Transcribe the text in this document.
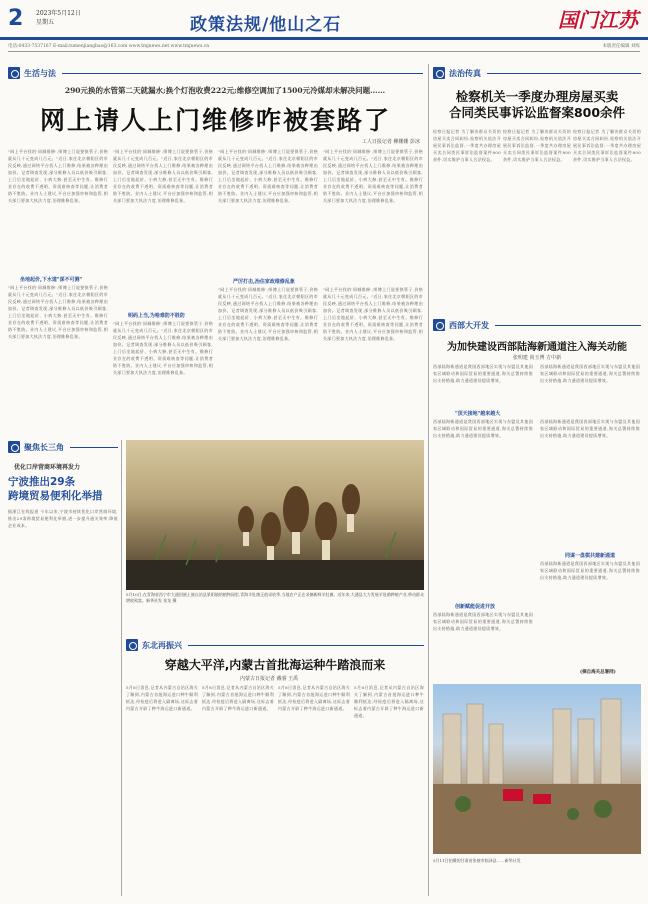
2 2023年5月12日
星期五	政策法规/他山之石	国门江苏
电话:0433-7537167 E-mail:tumenjiangbao@163.com www.tmjnews.net www.tmjnews.cn	本版责任编辑 刘烁
生活与法
290元换的水管第二天就漏水;换个灯泡收费222元;维修空调加了1500元冷媒却未解决问题……
网上请人上门维修咋被套路了
工人日报记者 柳姗姗 彭冰
"网上平台找的'同城维修',师傅上门说要换管子,价格就从几十元变成几百元。"近日,家住北京朝阳区的市民反映,通过网络平台找人上门维修,结果被各种理由加价。记者调查发现,部分维修人员以低价吸引顾客,上门后坐地起价、小病大修,甚至无中生有。维修行业存在的收费不透明、资质难核查等问题,让消费者防不胜防。业内人士建议,平台应加强审核和监管,相关部门要加大执法力度,治理维修乱象。
"网上平台找的'同城维修',师傅上门说要换管子,价格就从几十元变成几百元。"近日,家住北京朝阳区的市民反映,通过网络平台找人上门维修,结果被各种理由加价。记者调查发现,部分维修人员以低价吸引顾客,上门后坐地起价、小病大修,甚至无中生有。维修行业存在的收费不透明、资质难核查等问题,让消费者防不胜防。业内人士建议,平台应加强审核和监管,相关部门要加大执法力度,治理维修乱象。
"网上平台找的'同城维修',师傅上门说要换管子,价格就从几十元变成几百元。"近日,家住北京朝阳区的市民反映,通过网络平台找人上门维修,结果被各种理由加价。记者调查发现,部分维修人员以低价吸引顾客,上门后坐地起价、小病大修,甚至无中生有。维修行业存在的收费不透明、资质难核查等问题,让消费者防不胜防。业内人士建议,平台应加强审核和监管,相关部门要加大执法力度,治理维修乱象。
"网上平台找的'同城维修',师傅上门说要换管子,价格就从几十元变成几百元。"近日,家住北京朝阳区的市民反映,通过网络平台找人上门维修,结果被各种理由加价。记者调查发现,部分维修人员以低价吸引顾客,上门后坐地起价、小病大修,甚至无中生有。维修行业存在的收费不透明、资质难核查等问题,让消费者防不胜防。业内人士建议,平台应加强审核和监管,相关部门要加大执法力度,治理维修乱象。
坐地起价,下水道"深不可测"
明码上当,为啥难防不胜防
严厉打击,治住家政维修乱象
"网上平台找的'同城维修',师傅上门说要换管子,价格就从几十元变成几百元。"近日,家住北京朝阳区的市民反映,通过网络平台找人上门维修,结果被各种理由加价。记者调查发现,部分维修人员以低价吸引顾客,上门后坐地起价、小病大修,甚至无中生有。维修行业存在的收费不透明、资质难核查等问题,让消费者防不胜防。业内人士建议,平台应加强审核和监管,相关部门要加大执法力度,治理维修乱象。
"网上平台找的'同城维修',师傅上门说要换管子,价格就从几十元变成几百元。"近日,家住北京朝阳区的市民反映,通过网络平台找人上门维修,结果被各种理由加价。记者调查发现,部分维修人员以低价吸引顾客,上门后坐地起价、小病大修,甚至无中生有。维修行业存在的收费不透明、资质难核查等问题,让消费者防不胜防。业内人士建议,平台应加强审核和监管,相关部门要加大执法力度,治理维修乱象。
"网上平台找的'同城维修',师傅上门说要换管子,价格就从几十元变成几百元。"近日,家住北京朝阳区的市民反映,通过网络平台找人上门维修,结果被各种理由加价。记者调查发现,部分维修人员以低价吸引顾客,上门后坐地起价、小病大修,甚至无中生有。维修行业存在的收费不透明、资质难核查等问题,让消费者防不胜防。业内人士建议,平台应加强审核和监管,相关部门要加大执法力度,治理维修乱象。
"网上平台找的'同城维修',师傅上门说要换管子,价格就从几十元变成几百元。"近日,家住北京朝阳区的市民反映,通过网络平台找人上门维修,结果被各种理由加价。记者调查发现,部分维修人员以低价吸引顾客,上门后坐地起价、小病大修,甚至无中生有。维修行业存在的收费不透明、资质难核查等问题,让消费者防不胜防。业内人士建议,平台应加强审核和监管,相关部门要加大执法力度,治理维修乱象。
法治传真
检察机关一季度办理房屋买卖
合同类民事诉讼监督案800余件
检察日报记者 为了解决群众关切的房屋买卖合同纠纷,检察机关依法开展民事诉讼监督,一季度共办理房屋买卖合同类民事诉讼监督案件800余件,切实维护当事人合法权益。
检察日报记者 为了解决群众关切的房屋买卖合同纠纷,检察机关依法开展民事诉讼监督,一季度共办理房屋买卖合同类民事诉讼监督案件800余件,切实维护当事人合法权益。
检察日报记者 为了解决群众关切的房屋买卖合同纠纷,检察机关依法开展民事诉讼监督,一季度共办理房屋买卖合同类民事诉讼监督案件800余件,切实维护当事人合法权益。
西部大开发
为加快建设西部陆海新通道注入海关动能
张明建 尚玉博 方中新
西部陆海新通道是我国西部地区实现与东盟及其他国家区域联动和国际贸易的重要通道,海关总署持续推出支持措施,助力通道建设提质增效。
西部陆海新通道是我国西部地区实现与东盟及其他国家区域联动和国际贸易的重要通道,海关总署持续推出支持措施,助力通道建设提质增效。
"顶天接地"越来越大
西部陆海新通道是我国西部地区实现与东盟及其他国家区域联动和国际贸易的重要通道,海关总署持续推出支持措施,助力通道建设提质增效。
西部陆海新通道是我国西部地区实现与东盟及其他国家区域联动和国际贸易的重要通道,海关总署持续推出支持措施,助力通道建设提质增效。
创新赋能促进开放
西部陆海新通道是我国西部地区实现与东盟及其他国家区域联动和国际贸易的重要通道,海关总署持续推出支持措施,助力通道建设提质增效。
同谋一盘棋共建新通道
西部陆海新通道是我国西部地区实现与东盟及其他国家区域联动和国际贸易的重要通道,海关总署持续推出支持措施,助力通道建设提质增效。
(摘自海关总署网)
聚焦长三角
优化口岸营商环境再发力
宁波推出29条
跨境贸易便利化举措
据浙江在线报道 今年以来,宁波市持续优化口岸营商环境,推出29条跨境贸易便利化举措,进一步提升通关效率,降低企业成本。
5月10日,在青海省西宁市大通回族土族自治县景阳镇的植物园里,青海羊肚菌正值采收季,当地农户正在采摘新鲜羊肚菌。近年来,大通县大力发展羊肚菌种植产业,带动群众增收致富。新华社发 张龙 摄
东北再振兴
穿越大平洋,内蒙古首批海运种牛踏浪而来
内蒙古日报记者 戴睿 王禹
5月8日消息,记者从内蒙古自治区海关了解到,内蒙古首批海运进口种牛顺利抵达,经检疫后将进入隔离场,这标志着内蒙古开辟了种牛海运进口新通道。
5月8日消息,记者从内蒙古自治区海关了解到,内蒙古首批海运进口种牛顺利抵达,经检疫后将进入隔离场,这标志着内蒙古开辟了种牛海运进口新通道。
5月8日消息,记者从内蒙古自治区海关了解到,内蒙古首批海运进口种牛顺利抵达,经检疫后将进入隔离场,这标志着内蒙古开辟了种牛海运进口新通道。
5月8日消息,记者从内蒙古自治区海关了解到,内蒙古首批海运进口种牛顺利抵达,经检疫后将进入隔离场,这标志着内蒙古开辟了种牛海运进口新通道。
5月11日拍摄的甘肃省张掖市临泽县……新华社发
